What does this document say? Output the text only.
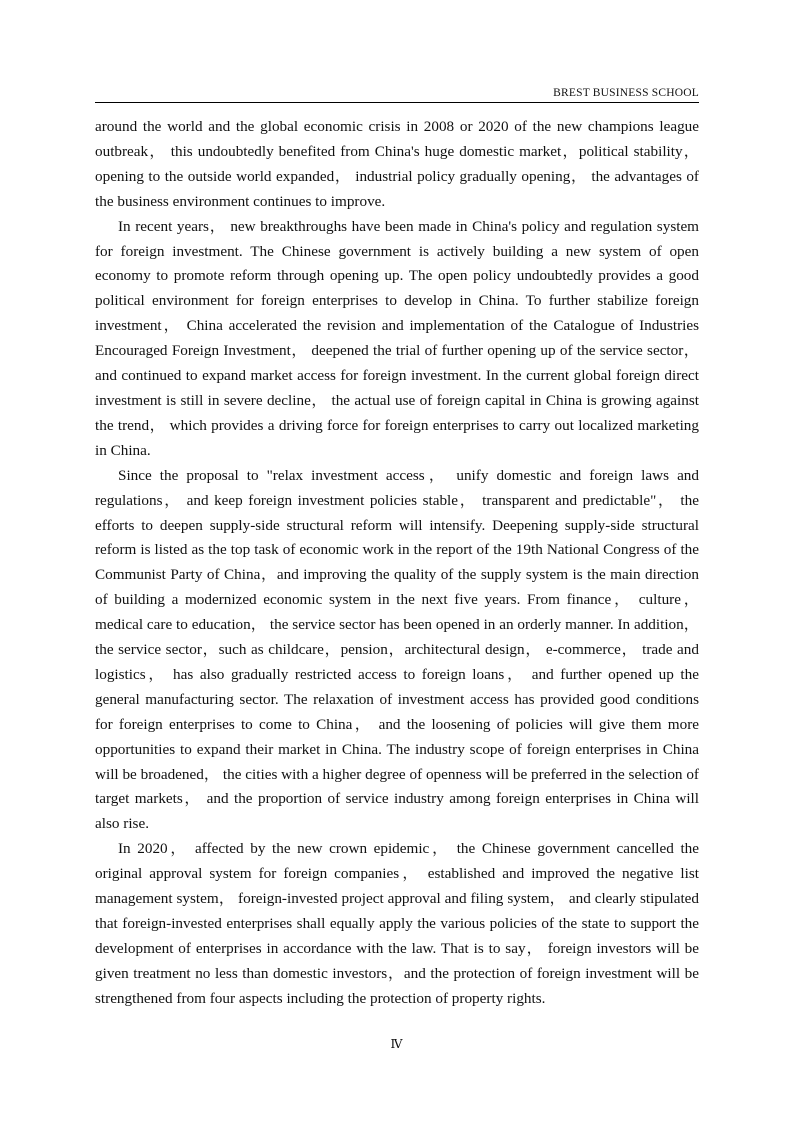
BREST BUSINESS SCHOOL

around the world and the global economic crisis in 2008 or 2020 of the new champions league outbreak， this undoubtedly benefited from China's huge domestic market，political stability，opening to the outside world expanded， industrial policy gradually opening， the advantages of the business environment continues to improve.

In recent years， new breakthroughs have been made in China's policy and regulation system for foreign investment. The Chinese government is actively building a new system of open economy to promote reform through opening up. The open policy undoubtedly provides a good political environment for foreign enterprises to develop in China. To further stabilize foreign investment， China accelerated the revision and implementation of the Catalogue of Industries Encouraged Foreign Investment， deepened the trial of further opening up of the service sector， and continued to expand market access for foreign investment. In the current global foreign direct investment is still in severe decline， the actual use of foreign capital in China is growing against the trend， which provides a driving force for foreign enterprises to carry out localized marketing in China.

Since the proposal to "relax investment access， unify domestic and foreign laws and regulations， and keep foreign investment policies stable， transparent and predictable"， the efforts to deepen supply-side structural reform will intensify. Deepening supply-side structural reform is listed as the top task of economic work in the report of the 19th National Congress of the Communist Party of China，and improving the quality of the supply system is the main direction of building a modernized economic system in the next five years. From finance， culture， medical care to education， the service sector has been opened in an orderly manner. In addition，the service sector，such as childcare，pension，architectural design， e-commerce， trade and logistics， has also gradually restricted access to foreign loans， and further opened up the general manufacturing sector. The relaxation of investment access has provided good conditions for foreign enterprises to come to China， and the loosening of policies will give them more opportunities to expand their market in China. The industry scope of foreign enterprises in China will be broadened， the cities with a higher degree of openness will be preferred in the selection of target markets， and the proportion of service industry among foreign enterprises in China will also rise.

In 2020， affected by the new crown epidemic， the Chinese government cancelled the original approval system for foreign companies， established and improved the negative list management system， foreign-invested project approval and filing system， and clearly stipulated that foreign-invested enterprises shall equally apply the various policies of the state to support the development of enterprises in accordance with the law. That is to say， foreign investors will be given treatment no less than domestic investors，and the protection of foreign investment will be strengthened from four aspects including the protection of property rights.

Ⅳ
